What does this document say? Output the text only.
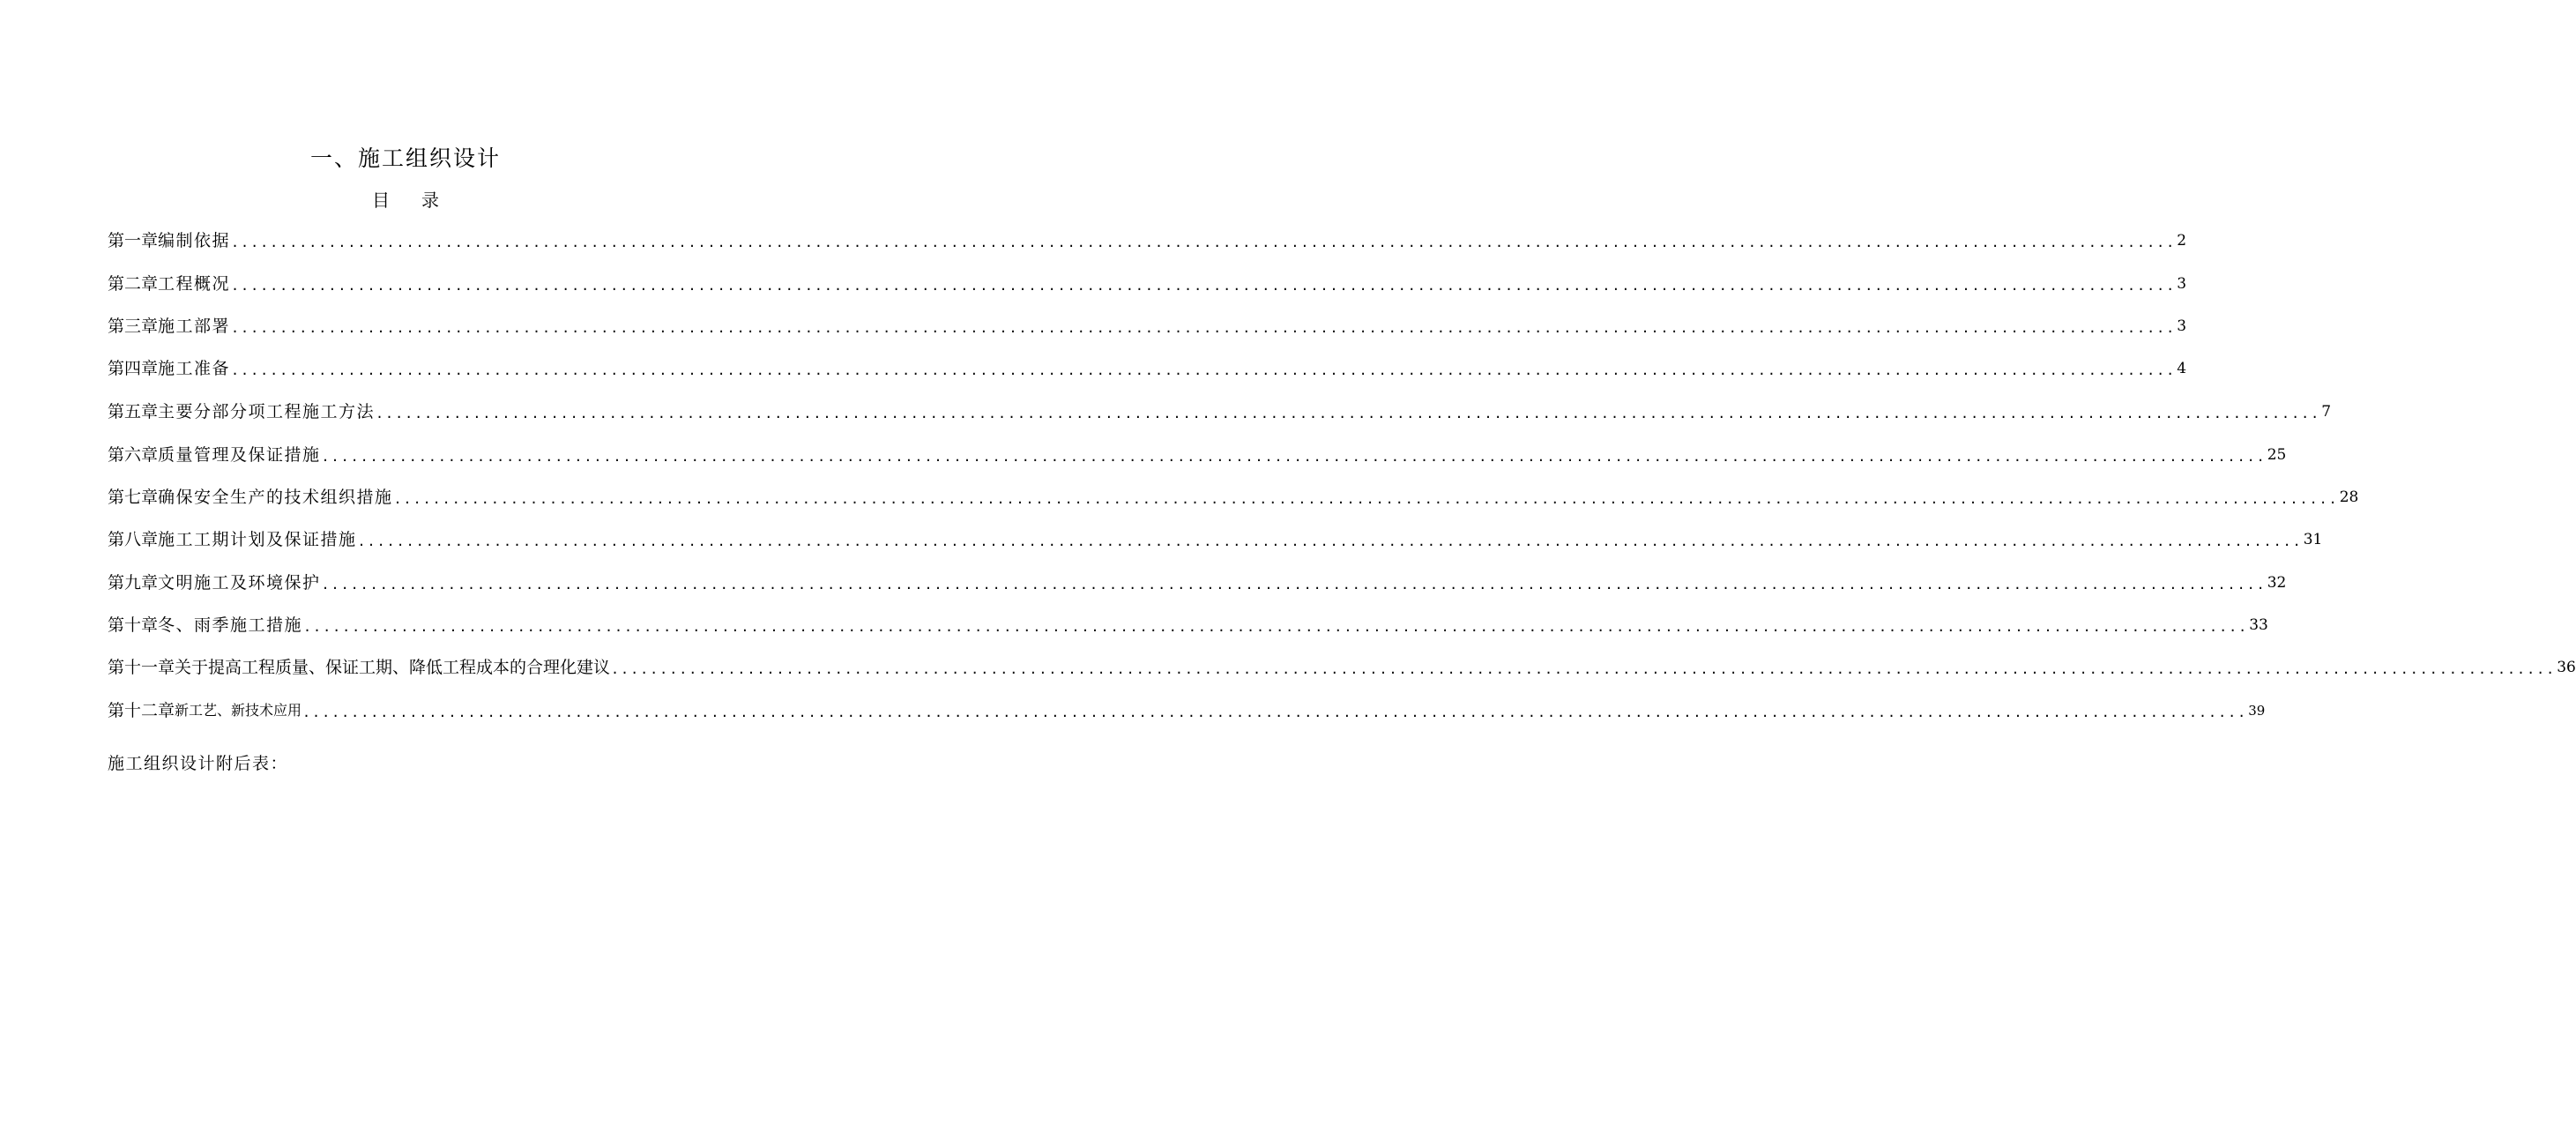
一、施工组织设计
目 录
第一章 编制依据 ........................................................................................................................................................................................................ 2
第二章 工程概况 ........................................................................................................................................................................................................ 3
第三章 施工部署 ........................................................................................................................................................................................................ 3
第四章 施工准备 ........................................................................................................................................................................................................ 4
第五章 主要分部分项工程施工方法 ........................................................................................................................................................................................................ 7
第六章 质量管理及保证措施 ........................................................................................................................................................................................................ 25
第七章 确保安全生产的技术组织措施 ........................................................................................................................................................................................................ 28
第八章 施工工期计划及保证措施 ........................................................................................................................................................................................................ 31
第九章 文明施工及环境保护 ........................................................................................................................................................................................................ 32
第十章 冬、雨季施工措施 ........................................................................................................................................................................................................ 33
第十一章 关于提高工程质量、保证工期、降低工程成本的合理化建议 ........................................................................................................................................................................................................ 36
第十二章 新工艺、新技术应用 ........................................................................................................................................................................................................ 39
施工组织设计附后表：
